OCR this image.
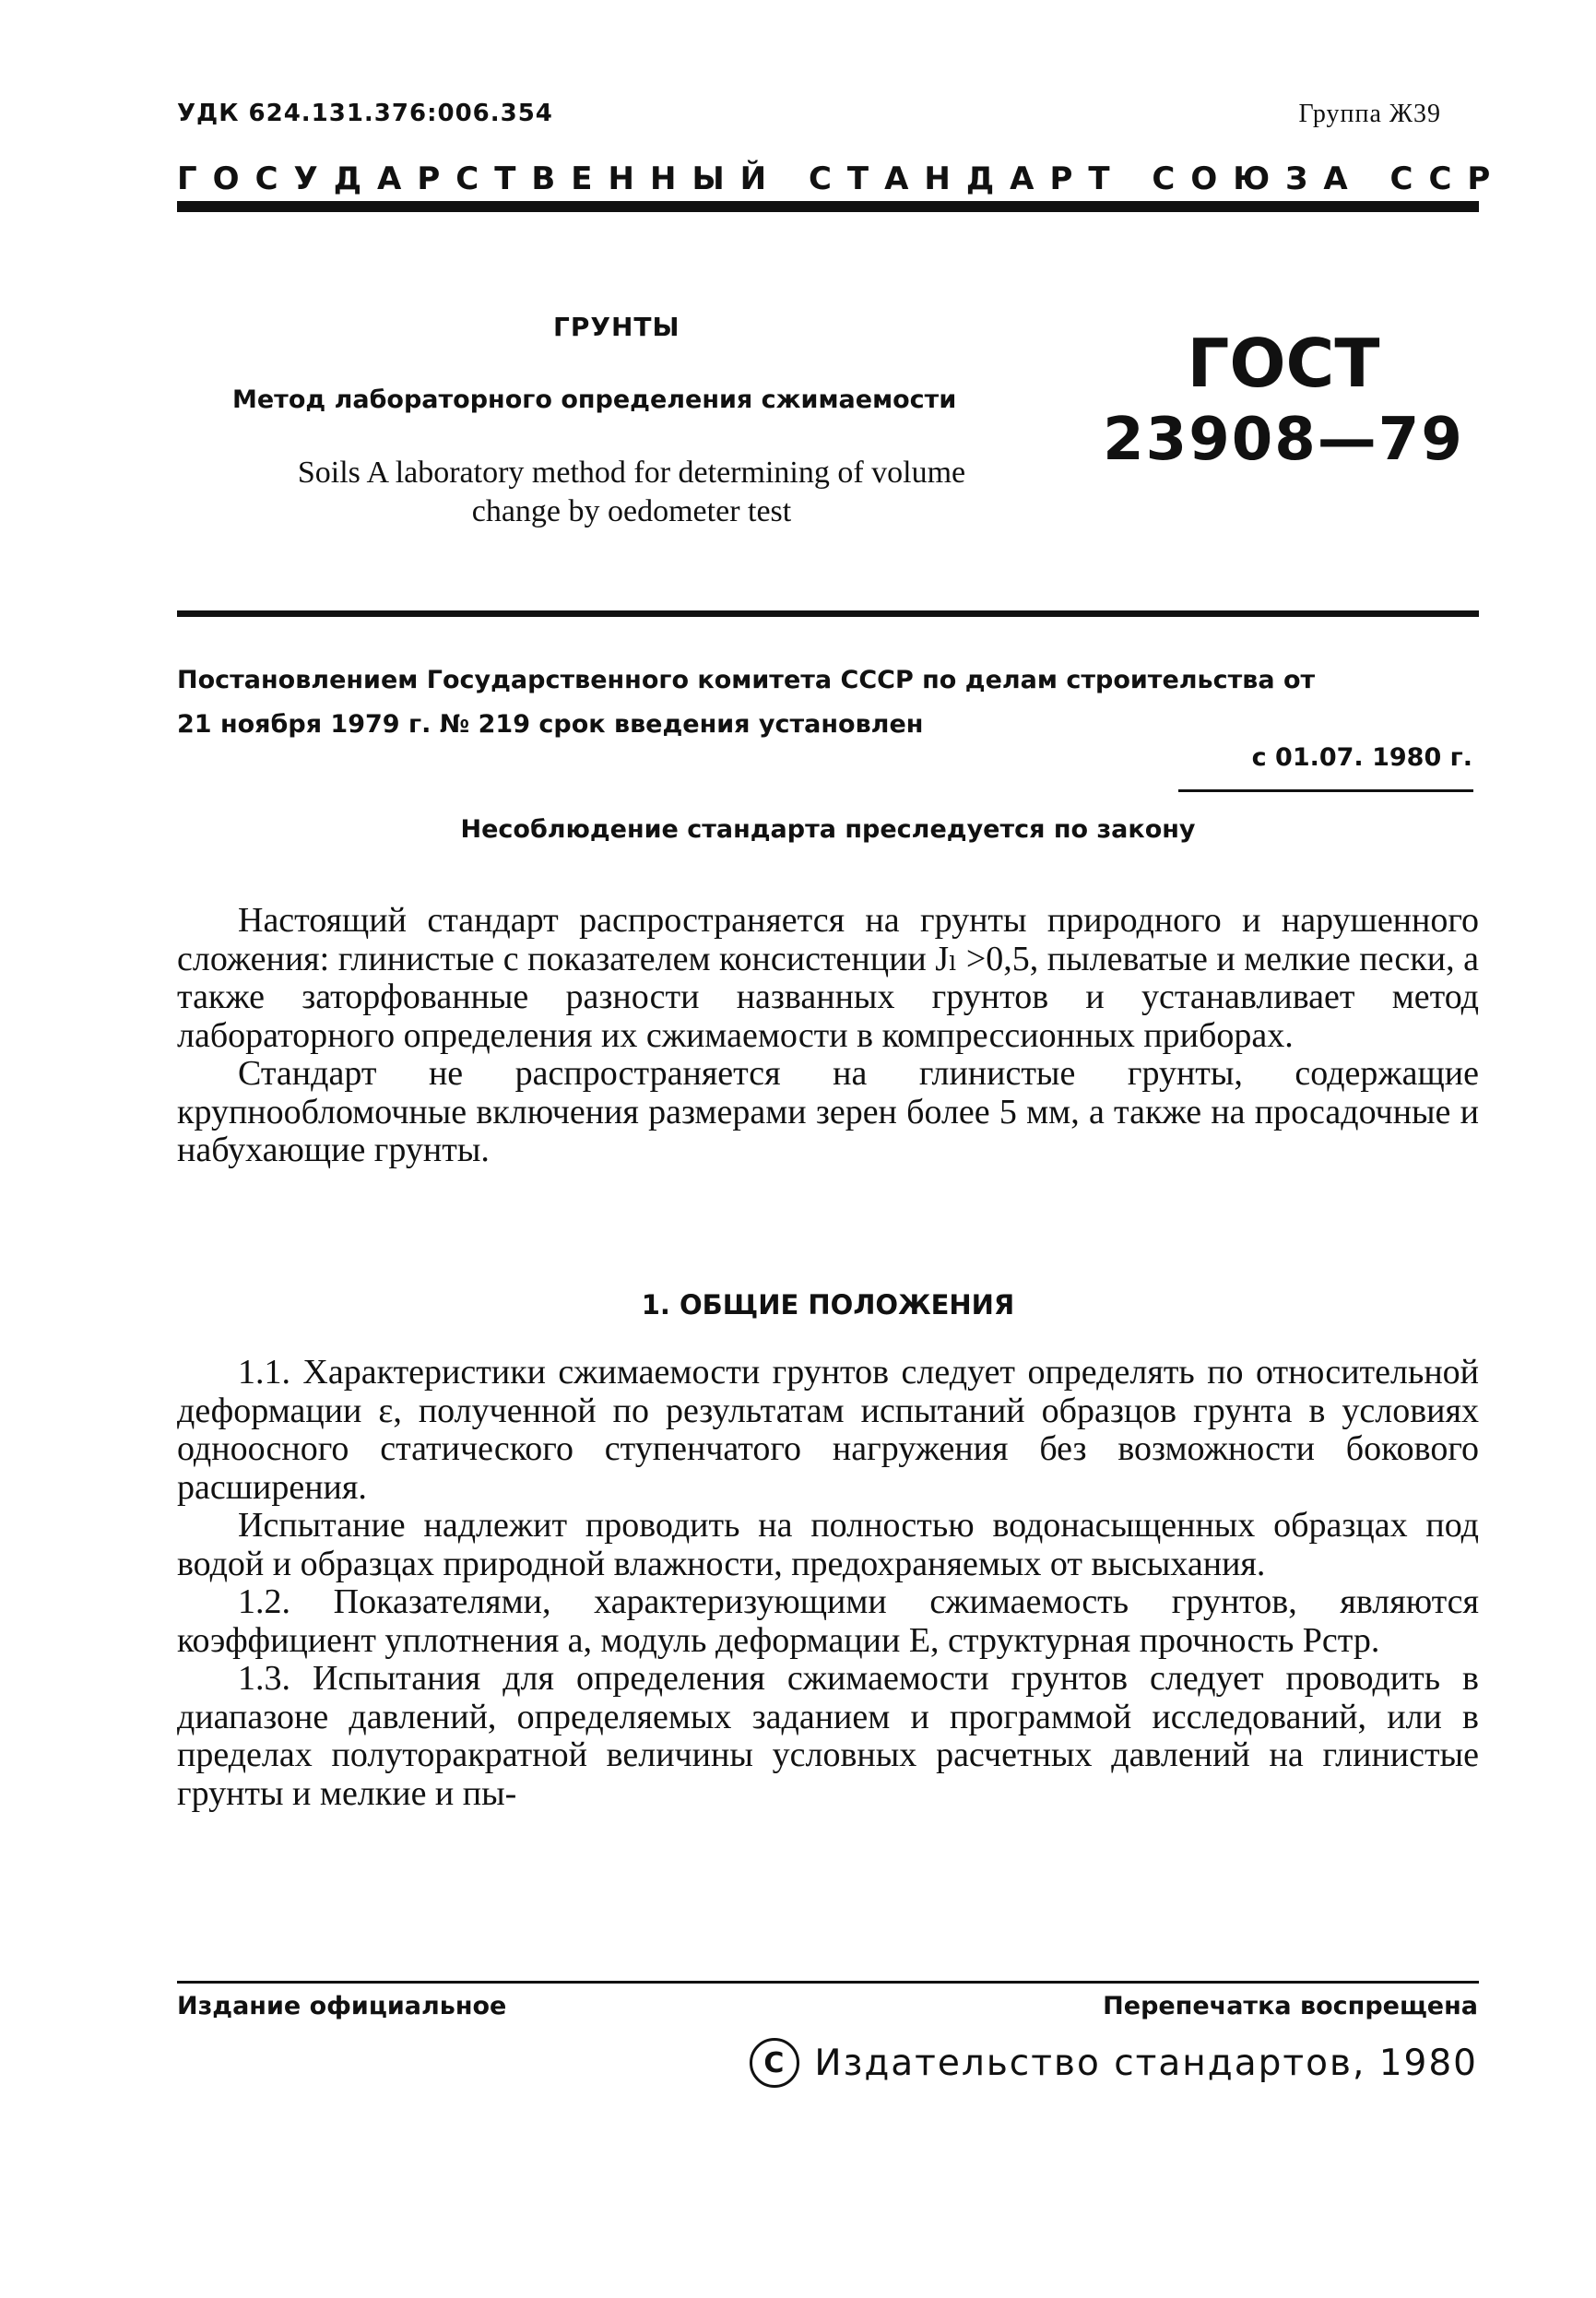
УДК 624.131.376:006.354	Группа Ж39
ГОСУДАРСТВЕННЫЙ СТАНДАРТ СОЮЗА ССР
ГРУНТЫ
Метод лабораторного определения сжимаемости
Soils A laboratory method for determining of volume
change by oedometer test
ГОСТ
23908—79

Постановлением Государственного комитета СССР по делам строительства от

21 ноября 1979 г. № 219 срок введения установлен

с 01.07. 1980 г.
Несоблюдение стандарта преследуется по закону

Настоящий стандарт распространяется на грунты природного и нарушенного сложения: глинистые с показателем консистенции Jₗ >0,5, пылеватые и мелкие пески, а также заторфованные разности названных грунтов и устанавливает метод лабораторного определения их сжимаемости в компрессионных приборах.

Стандарт не распространяется на глинистые грунты, содержащие крупнообломочные включения размерами зерен более 5 мм, а также на просадочные и набухающие грунты.

1. ОБЩИЕ ПОЛОЖЕНИЯ

1.1. Характеристики сжимаемости грунтов следует определять по относительной деформации ε, полученной по результатам испытаний образцов грунта в условиях одноосного статического ступенчатого нагружения без возможности бокового расширения.

Испытание надлежит проводить на полностью водонасыщенных образцах под водой и образцах природной влажности, предохраняемых от высыхания.

1.2. Показателями, характеризующими сжимаемость грунтов, являются коэффициент уплотнения a, модуль деформации E, структурная прочность Pстр.

1.3. Испытания для определения сжимаемости грунтов следует проводить в диапазоне давлений, определяемых заданием и программой исследований, или в пределах полуторакратной величины условных расчетных давлений на глинистые грунты и мелкие и пы-

Издание официальное	Перепечатка воспрещена
C Издательство стандартов, 1980
